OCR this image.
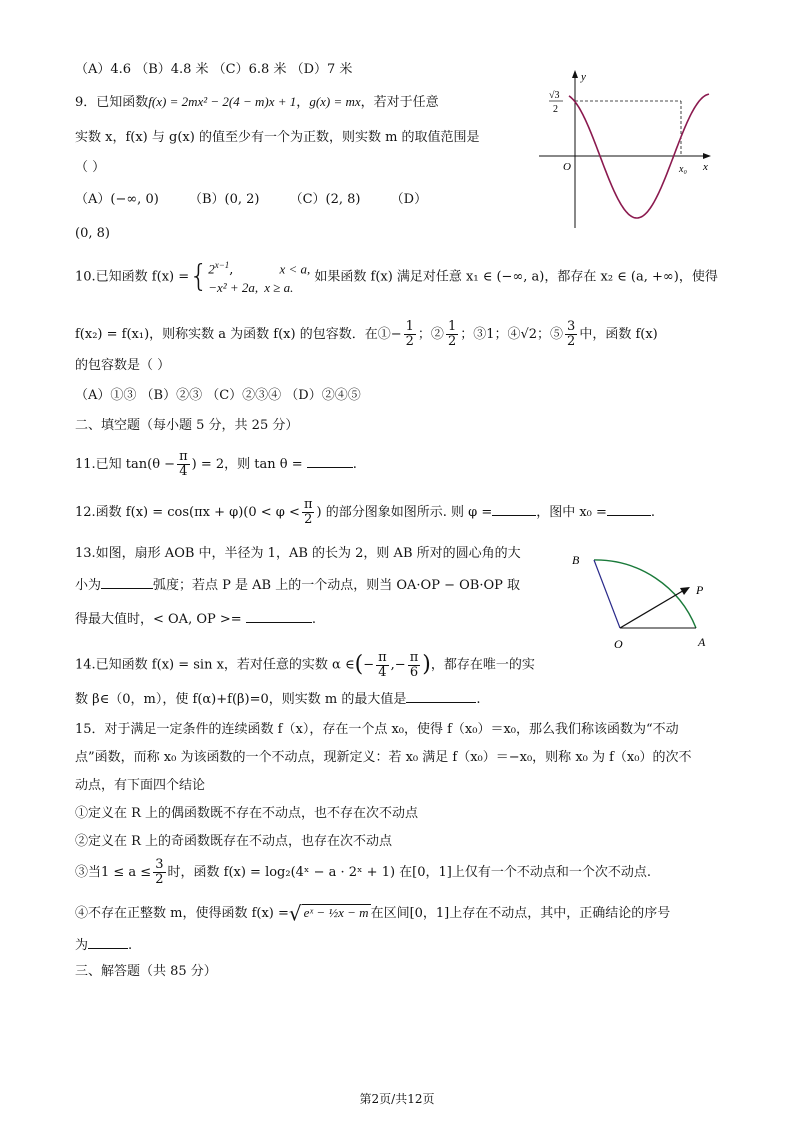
（A）4.6 （B）4.8 米 （C）6.8 米 （D）7 米
9．已知函数f(x) = 2mx² − 2(4 − m)x + 1，g(x) = mx，若对于任意
实数 x，f(x) 与 g(x) 的值至少有一个为正数，则实数 m 的取值范围是
（ ）
（A）(−∞, 0) （B）(0, 2) （C）(2, 8) （D）
(0, 8)
y
x
O	x₀
√3
2
10.已知函数 f(x) ={ $2^{x-1}$,	x < a,
−x² + 2a, x ≥ a.
如果函数 f(x) 满足对任意 x₁ ∈ (−∞, a)，都存在 x₂ ∈ (a, +∞)，使得
f(x₂) = f(x₁)，则称实数 a 为函数 f(x) 的包容数．在①− $\frac{1}{2}$ ；② $\frac{1}{2}$ ；③1；④√2；⑤ $\frac{3}{2}$ 中，函数 f(x)
的包容数是（ ）
（A）①③ （B）②③ （C）②③④ （D）②④⑤
二、填空题（每小题 5 分，共 25 分）
11.已知 $\tan(\theta - \frac{\pi}{4}$ ) = 2，则 tan θ =	.
12.函数 $f(x) = \cos(\pi x + \varphi)(0 < \varphi < \frac{\pi}{2}$ ) 的部分图象如图所示. 则 φ =	，图中 x₀ =	.
13.如图，扇形 AOB 中，半径为 1，AB 的长为 2，则 AB 所对的圆心角的大
小为	弧度；若点 P 是 AB 上的一个动点，则当 OA·OP − OB·OP 取
得最大值时，< OA, OP >=	.
B
P
O	A
14.已知函数 f(x) = sin x，若对任意的实数 α ∈(− $\frac{\pi}{4}$ ,− $\frac{\pi}{6}$ )，都存在唯一的实
数 β∈（0，m），使 f(α)+f(β)=0，则实数 m 的最大值是	.
15．对于满足一定条件的连续函数 f（x），存在一个点 x₀，使得 f（x₀）＝x₀，那么我们称该函数为“不动
点”函数，而称 x₀ 为该函数的一个不动点，现新定义：若 x₀ 满足 f（x₀）＝−x₀，则称 x₀ 为 f（x₀）的次不
动点，有下面四个结论
①定义在 R 上的偶函数既不存在不动点，也不存在次不动点
②定义在 R 上的奇函数既存在不动点，也存在次不动点
③当$1 \le a \le \frac{3}{2}$ 时，函数 f(x) = log₂(4ˣ − a · 2ˣ + 1) 在[0，1]上仅有一个不动点和一个次不动点.
④不存在正整数 m，使得函数 f(x) =√ eˣ − ½x − m 在区间[0，1]上存在不动点，其中，正确结论的序号
为	.
三、解答题（共 85 分）
第2页/共12页
